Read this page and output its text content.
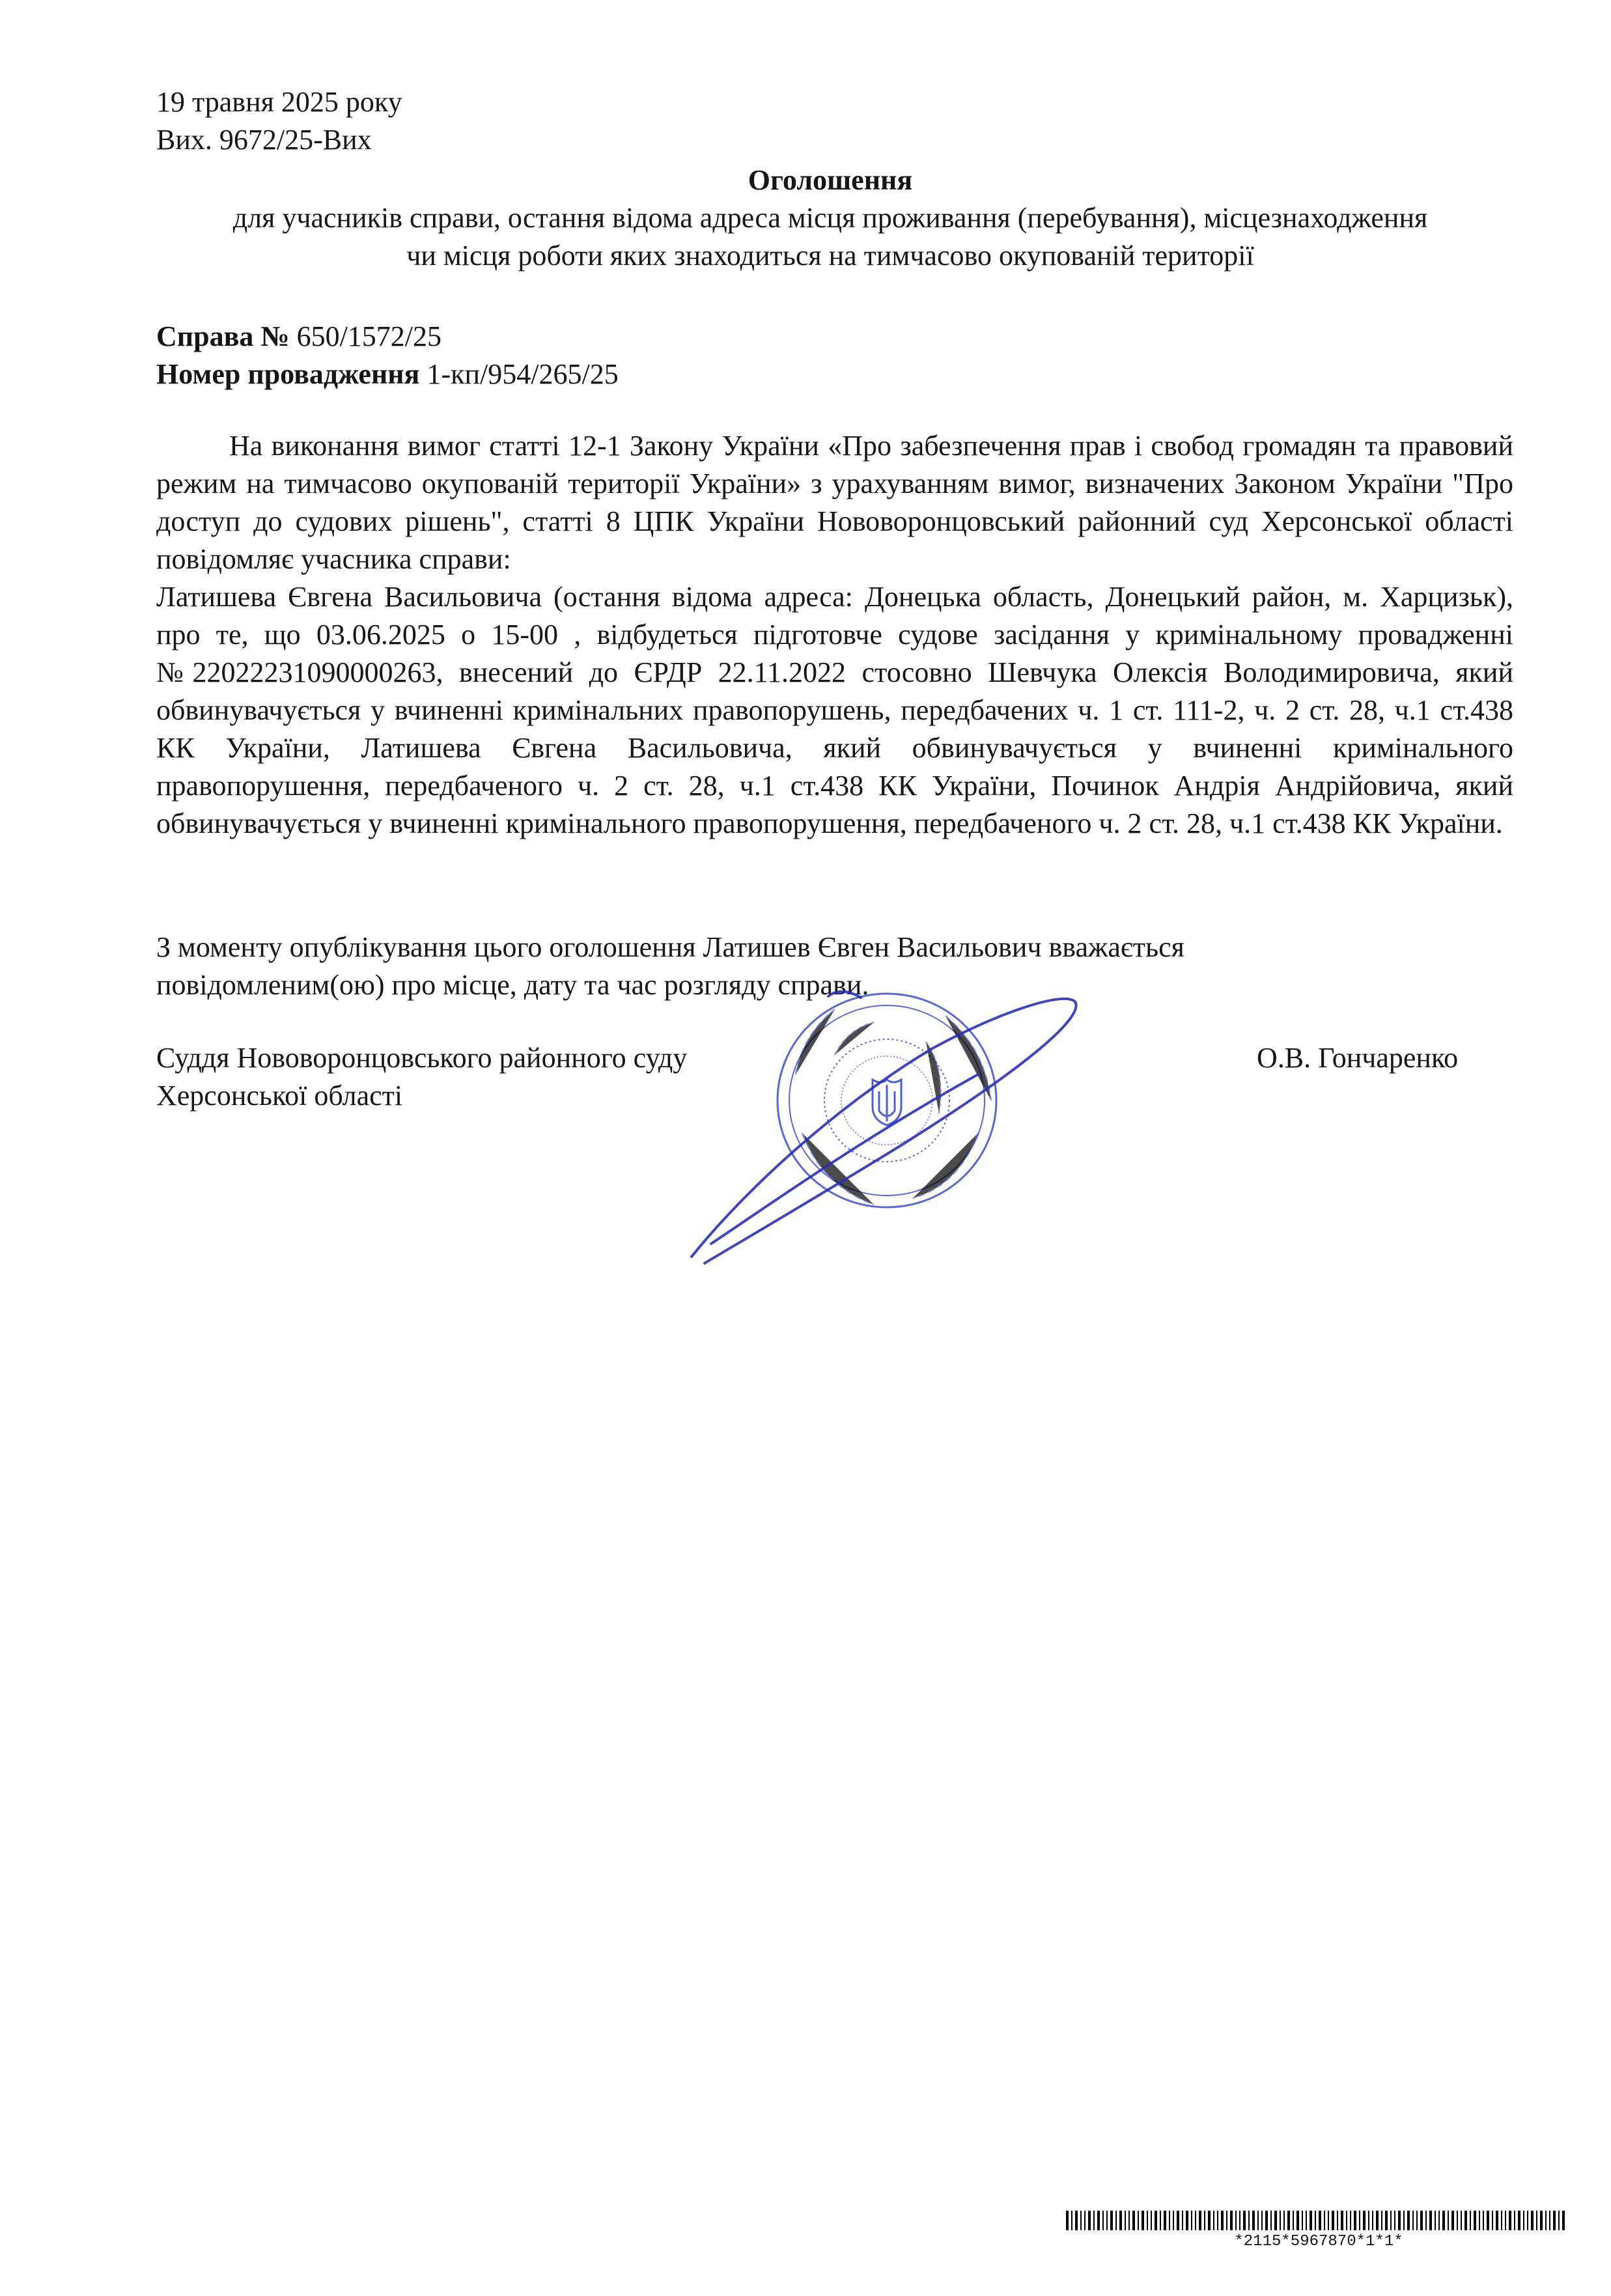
19 травня 2025 року
Вих. 9672/25-Вих
Оголошення
для учасників справи, остання відома адреса місця проживання (перебування), місцезнаходження
чи місця роботи яких знаходиться на тимчасово окупованій території
Справа № 650/1572/25
Номер провадження 1-кп/954/265/25
На виконання вимог статті 12-1 Закону України «Про забезпечення прав і свобод громадян та правовий режим на тимчасово окупованій території України» з урахуванням вимог, визначених Законом України "Про доступ до судових рішень", статті 8 ЦПК України Нововоронцовський районний суд Херсонської області повідомляє учасника справи:
Латишева Євгена Васильовича (остання відома адреса: Донецька область, Донецький район, м. Харцизьк), про те, що 03.06.2025 о 15-00 , відбудеться підготовче судове засідання у кримінальному провадженні №22022231090000263, внесений до ЄРДР 22.11.2022 стосовно Шевчука Олексія Володимировича, який обвинувачується у вчиненні кримінальних правопорушень, передбачених ч. 1 ст. 111-2, ч. 2 ст. 28, ч.1 ст.438 КК України, Латишева Євгена Васильовича, який обвинувачується у вчиненні кримінального правопорушення, передбаченого ч. 2 ст. 28, ч.1 ст.438 КК України, Починок Андрія Андрійовича, який обвинувачується у вчиненні кримінального правопорушення, передбаченого ч. 2 ст. 28, ч.1 ст.438 КК України.
З моменту опублікування цього оголошення Латишев Євген Васильович вважається
повідомленим(ою) про місце, дату та час розгляду справи.
Суддя Нововоронцовського районного суду
Херсонської області
О.В. Гончаренко
*2115*5967870*1*1*
